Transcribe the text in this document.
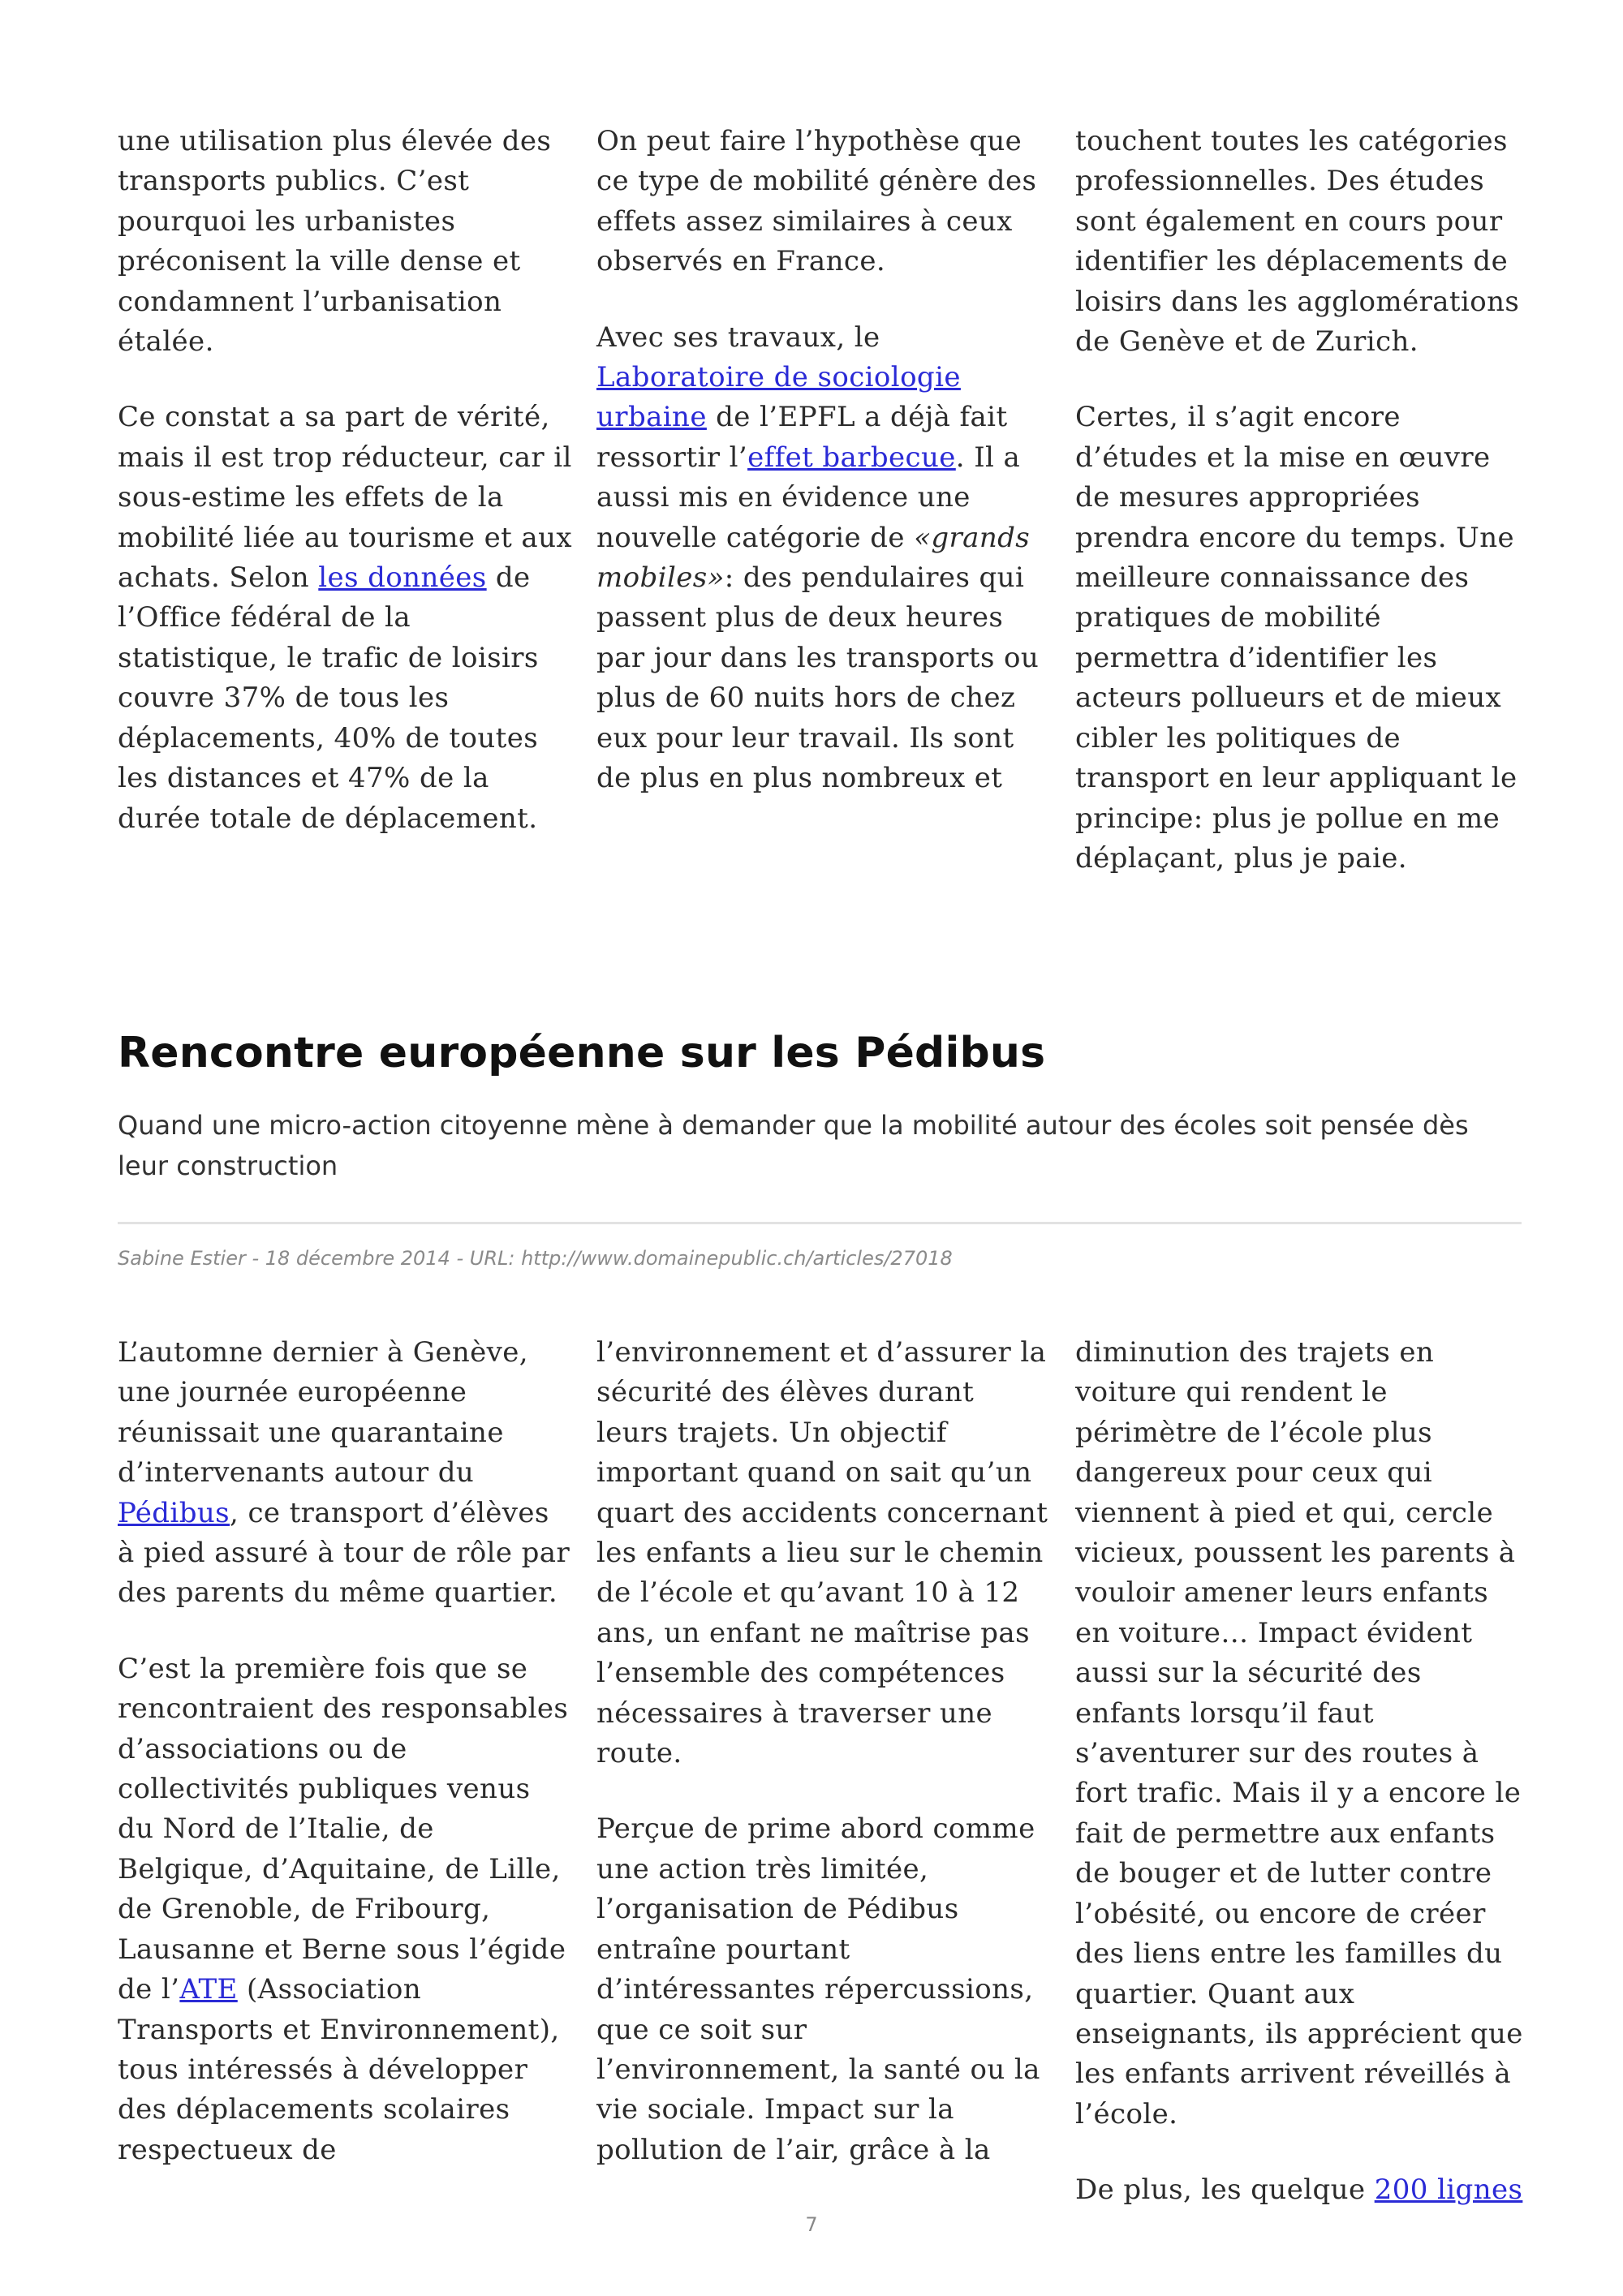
une utilisation plus élevée des transports publics. C’est pourquoi les urbanistes préconisent la ville dense et condamnent l’urbanisation étalée.

Ce constat a sa part de vérité, mais il est trop réducteur, car il sous-estime les effets de la mobilité liée au tourisme et aux achats. Selon les données de l’Office fédéral de la statistique, le trafic de loisirs couvre 37% de tous les déplacements, 40% de toutes les distances et 47% de la durée totale de déplacement.

On peut faire l’hypothèse que ce type de mobilité génère des effets assez similaires à ceux observés en France.

Avec ses travaux, le Laboratoire de sociologie urbaine de l’EPFL a déjà fait ressortir l’effet barbecue. Il a aussi mis en évidence une nouvelle catégorie de «grands mobiles»: des pendulaires qui passent plus de deux heures par jour dans les transports ou plus de 60 nuits hors de chez eux pour leur travail. Ils sont de plus en plus nombreux et

touchent toutes les catégories professionnelles. Des études sont également en cours pour identifier les déplacements de loisirs dans les agglomérations de Genève et de Zurich.

Certes, il s’agit encore d’études et la mise en œuvre de mesures appropriées prendra encore du temps. Une meilleure connaissance des pratiques de mobilité permettra d’identifier les acteurs pollueurs et de mieux cibler les politiques de transport en leur appliquant le principe: plus je pollue en me déplaçant, plus je paie.

Rencontre européenne sur les Pédibus

Quand une micro-action citoyenne mène à demander que la mobilité autour des écoles soit pensée dès leur construction

Sabine Estier - 18 décembre 2014 - URL: http://www.domainepublic.ch/articles/27018

L’automne dernier à Genève, une journée européenne réunissait une quarantaine d’intervenants autour du Pédibus, ce transport d’élèves à pied assuré à tour de rôle par des parents du même quartier.

C’est la première fois que se rencontraient des responsables d’associations ou de collectivités publiques venus du Nord de l’Italie, de Belgique, d’Aquitaine, de Lille, de Grenoble, de Fribourg, Lausanne et Berne sous l’égide de l’ATE (Association Transports et Environnement), tous intéressés à développer des déplacements scolaires respectueux de

l’environnement et d’assurer la sécurité des élèves durant leurs trajets. Un objectif important quand on sait qu’un quart des accidents concernant les enfants a lieu sur le chemin de l’école et qu’avant 10 à 12 ans, un enfant ne maîtrise pas l’ensemble des compétences nécessaires à traverser une route.

Perçue de prime abord comme une action très limitée, l’organisation de Pédibus entraîne pourtant d’intéressantes répercussions, que ce soit sur l’environnement, la santé ou la vie sociale. Impact sur la pollution de l’air, grâce à la

diminution des trajets en voiture qui rendent le périmètre de l’école plus dangereux pour ceux qui viennent à pied et qui, cercle vicieux, poussent les parents à vouloir amener leurs enfants en voiture… Impact évident aussi sur la sécurité des enfants lorsqu’il faut s’aventurer sur des routes à fort trafic. Mais il y a encore le fait de permettre aux enfants de bouger et de lutter contre l’obésité, ou encore de créer des liens entre les familles du quartier. Quant aux enseignants, ils apprécient que les enfants arrivent réveillés à l’école.

De plus, les quelque 200 lignes

7
